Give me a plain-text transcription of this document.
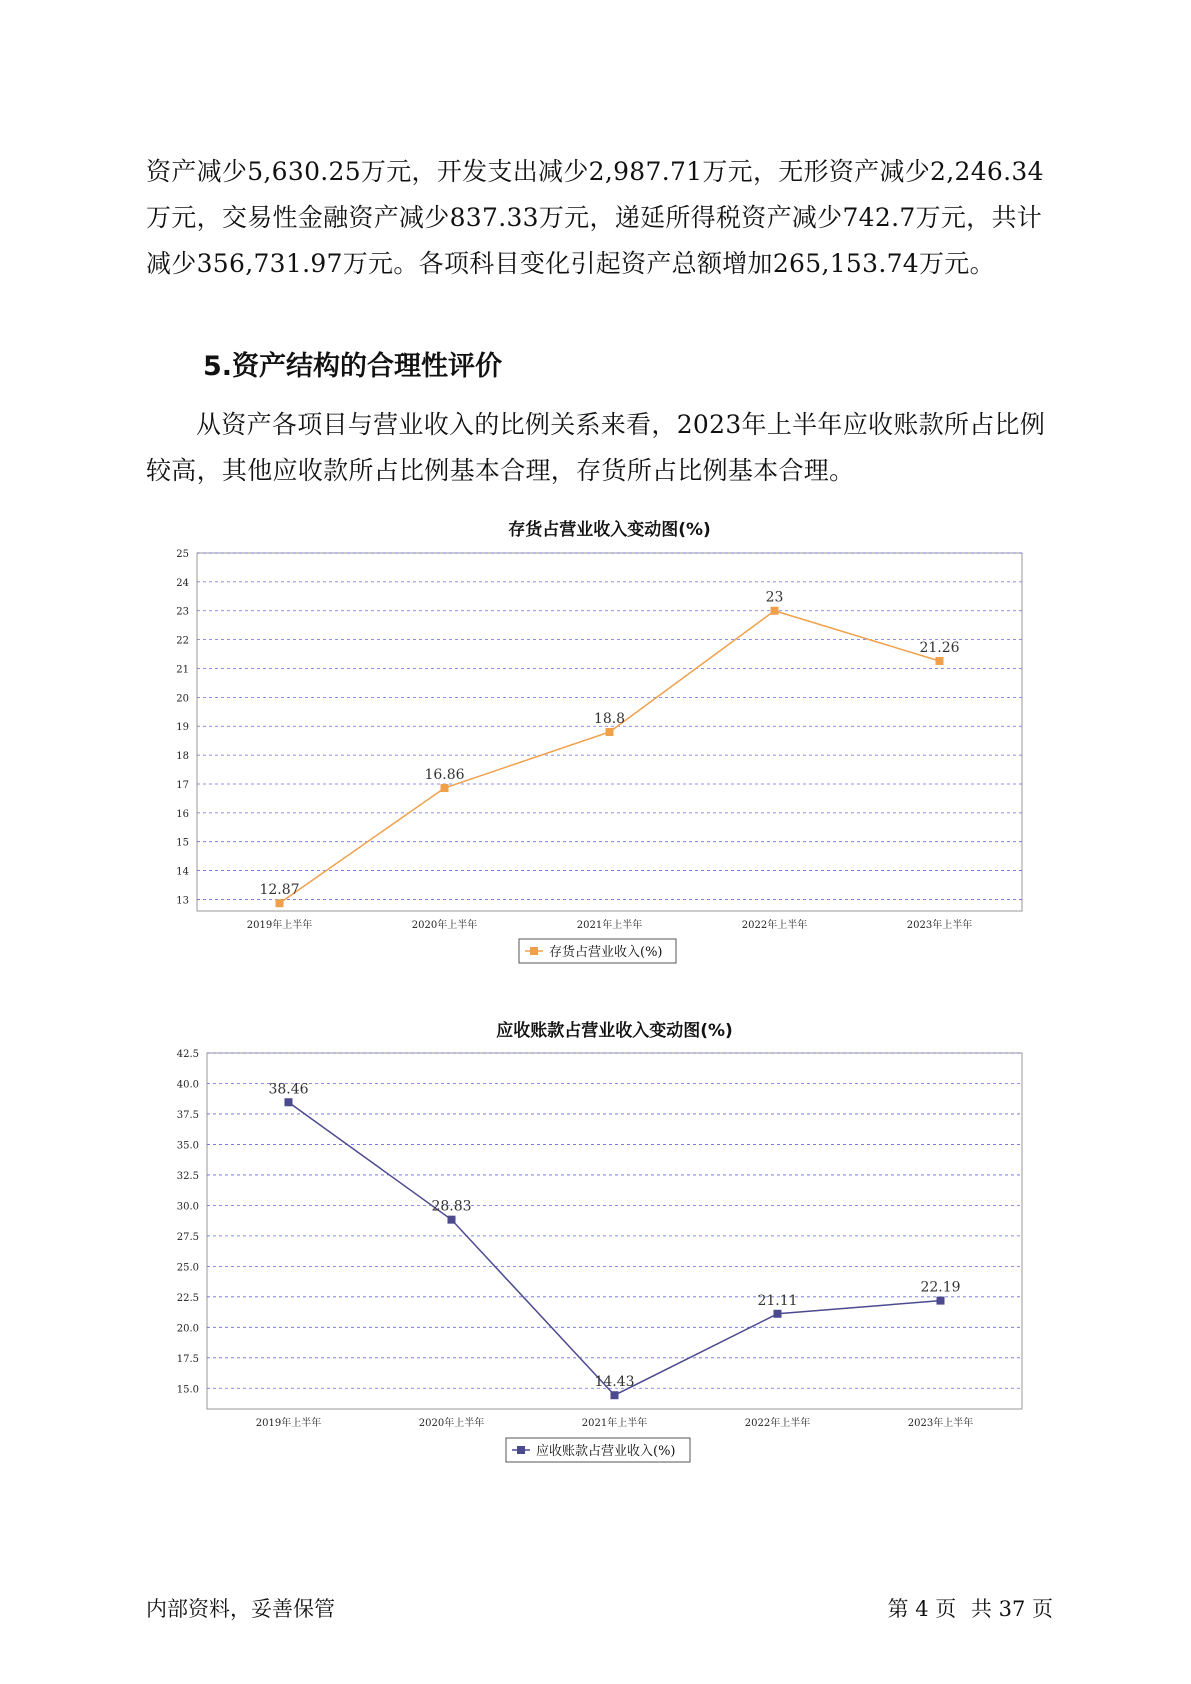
资产减少5,630.25万元，开发支出减少2,987.71万元，无形资产减少2,246.34万元，交易性金融资产减少837.33万元，递延所得税资产减少742.7万元，共计减少356,731.97万元。各项科目变化引起资产总额增加265,153.74万元。

5.资产结构的合理性评价

从资产各项目与营业收入的比例关系来看，2023年上半年应收账款所占比例较高，其他应收款所占比例基本合理，存货所占比例基本合理。

存货占营业收入变动图(%)
13
14
15
16
17
18
19
20
21
22
23
24
25
2019年上半年	2020年上半年	2021年上半年	2022年上半年	2023年上半年
12.87
16.86
18.8
23
21.26
存货占营业收入(%)
应收账款占营业收入变动图(%)
15.0
17.5
20.0
22.5
25.0
27.5
30.0
32.5
35.0
37.5
40.0
42.5
2019年上半年	2020年上半年	2021年上半年	2022年上半年	2023年上半年
38.46
28.83
14.43
21.11
22.19
应收账款占营业收入(%)
内部资料，妥善保管	第 4 页 共 37 页
